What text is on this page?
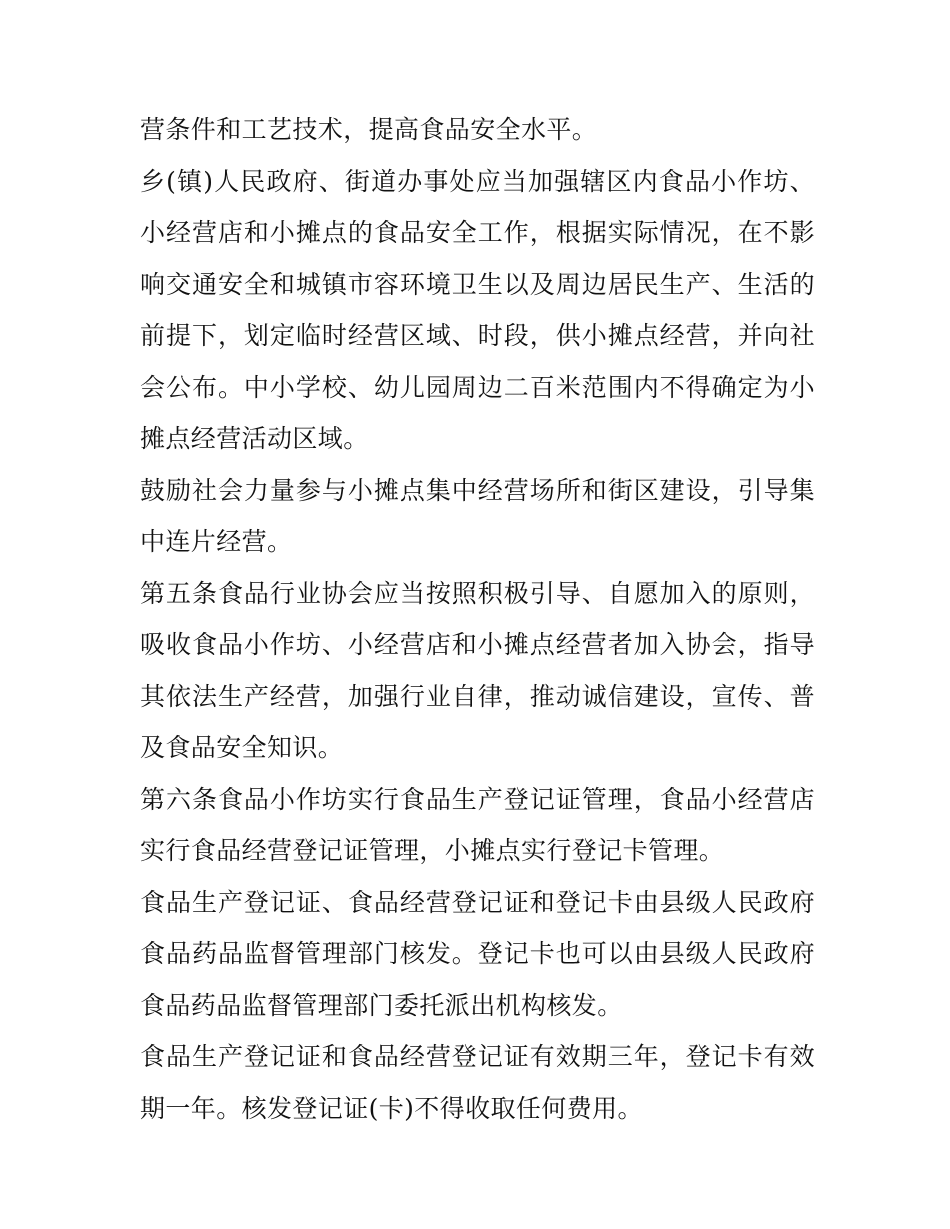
营条件和工艺技术，提高食品安全水平。

乡(镇)人民政府、街道办事处应当加强辖区内食品小作坊、小经营店和小摊点的食品安全工作，根据实际情况，在不影响交通安全和城镇市容环境卫生以及周边居民生产、生活的前提下，划定临时经营区域、时段，供小摊点经营，并向社会公布。中小学校、幼儿园周边二百米范围内不得确定为小摊点经营活动区域。

鼓励社会力量参与小摊点集中经营场所和街区建设，引导集中连片经营。

第五条食品行业协会应当按照积极引导、自愿加入的原则，吸收食品小作坊、小经营店和小摊点经营者加入协会，指导其依法生产经营，加强行业自律，推动诚信建设，宣传、普及食品安全知识。

第六条食品小作坊实行食品生产登记证管理，食品小经营店实行食品经营登记证管理，小摊点实行登记卡管理。

食品生产登记证、食品经营登记证和登记卡由县级人民政府食品药品监督管理部门核发。登记卡也可以由县级人民政府食品药品监督管理部门委托派出机构核发。

食品生产登记证和食品经营登记证有效期三年，登记卡有效期一年。核发登记证(卡)不得收取任何费用。
